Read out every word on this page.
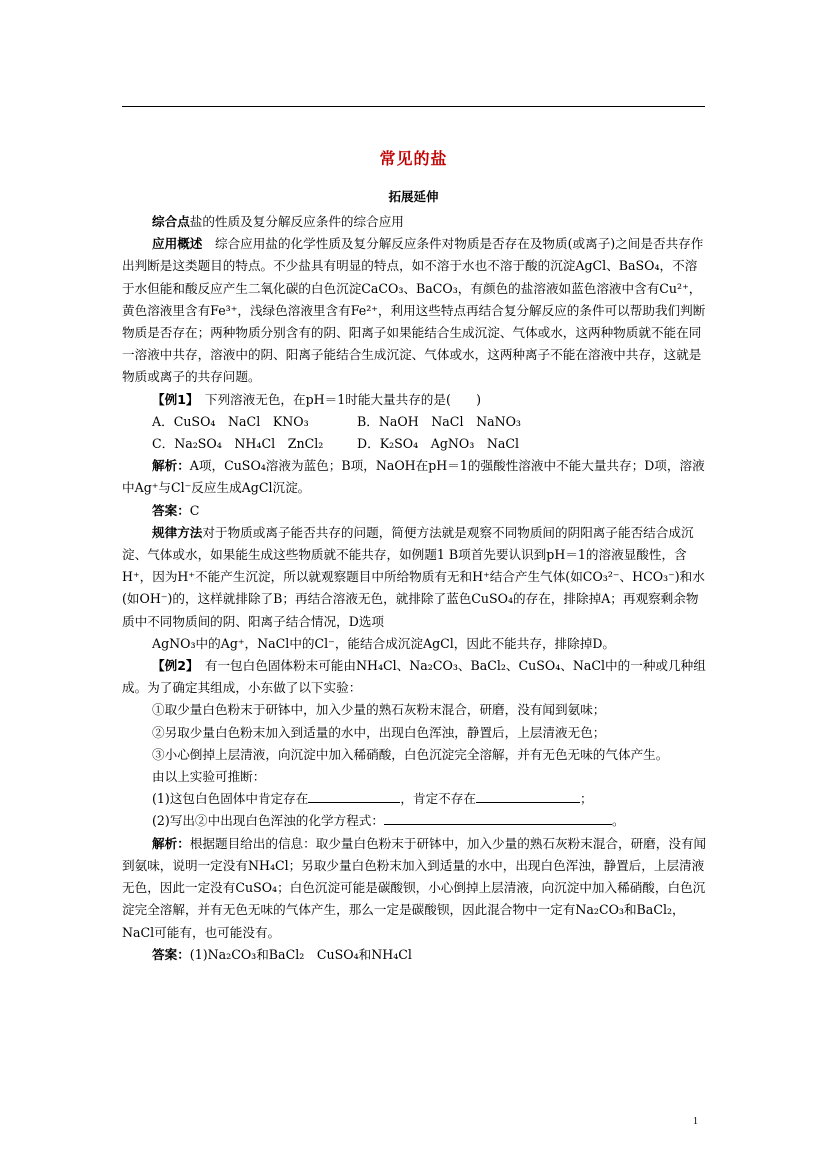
常见的盐
拓展延伸

综合点盐的性质及复分解反应条件的综合应用

应用概述　 综合应用盐的化学性质及复分解反应条件对物质是否存在及物质(或离子)之间是否共存作出判断是这类题目的特点。不少盐具有明显的特点，如不溶于水也不溶于酸的沉淀AgCl、BaSO₄，不溶于水但能和酸反应产生二氧化碳的白色沉淀CaCO₃、BaCO₃，有颜色的盐溶液如蓝色溶液中含有Cu²⁺，黄色溶液里含有Fe³⁺，浅绿色溶液里含有Fe²⁺，利用这些特点再结合复分解反应的条件可以帮助我们判断物质是否存在；两种物质分别含有的阴、阳离子如果能结合生成沉淀、气体或水，这两种物质就不能在同一溶液中共存，溶液中的阴、阳离子能结合生成沉淀、气体或水，这两种离子不能在溶液中共存，这就是物质或离子的共存问题。

【例1】　 下列溶液无色，在pH＝1时能大量共存的是(　　)

A．CuSO₄　NaCl　KNO₃	B．NaOH　NaCl　NaNO₃

C．Na₂SO₄　NH₄Cl　ZnCl₂	D．K₂SO₄　AgNO₃　NaCl

解析：A项，CuSO₄溶液为蓝色；B项，NaOH在pH＝1的强酸性溶液中不能大量共存；D项，溶液中Ag⁺与Cl⁻反应生成AgCl沉淀。

答案：C

规律方法对于物质或离子能否共存的问题，简便方法就是观察不同物质间的阴阳离子能否结合成沉淀、气体或水，如果能生成这些物质就不能共存，如例题1 B项首先要认识到pH＝1的溶液显酸性，含H⁺，因为H⁺不能产生沉淀，所以就观察题目中所给物质有无和H⁺结合产生气体(如CO₃²⁻、HCO₃⁻)和水(如OH⁻)的，这样就排除了B；再结合溶液无色，就排除了蓝色CuSO₄的存在，排除掉A；再观察剩余物质中不同物质间的阴、阳离子结合情况，D选项

AgNO₃中的Ag⁺，NaCl中的Cl⁻，能结合成沉淀AgCl，因此不能共存，排除掉D。

【例2】　 有一包白色固体粉末可能由NH₄Cl、Na₂CO₃、BaCl₂、CuSO₄、NaCl中的一种或几种组成。为了确定其组成，小东做了以下实验：

①取少量白色粉末于研钵中，加入少量的熟石灰粉末混合，研磨，没有闻到氨味；

②另取少量白色粉末加入到适量的水中，出现白色浑浊，静置后，上层清液无色；

③小心倒掉上层清液，向沉淀中加入稀硝酸，白色沉淀完全溶解，并有无色无味的气体产生。

由以上实验可推断：

(1)这包白色固体中肯定存在	，肯定不存在	；

(2)写出②中出现白色浑浊的化学方程式：	。

解析：根据题目给出的信息：取少量白色粉末于研钵中，加入少量的熟石灰粉末混合，研磨，没有闻到氨味，说明一定没有NH₄Cl；另取少量白色粉末加入到适量的水中，出现白色浑浊，静置后，上层清液无色，因此一定没有CuSO₄；白色沉淀可能是碳酸钡，小心倒掉上层清液，向沉淀中加入稀硝酸，白色沉淀完全溶解，并有无色无味的气体产生，那么一定是碳酸钡，因此混合物中一定有Na₂CO₃和BaCl₂，NaCl可能有，也可能没有。

答案：(1)Na₂CO₃和BaCl₂　CuSO₄和NH₄Cl

1
